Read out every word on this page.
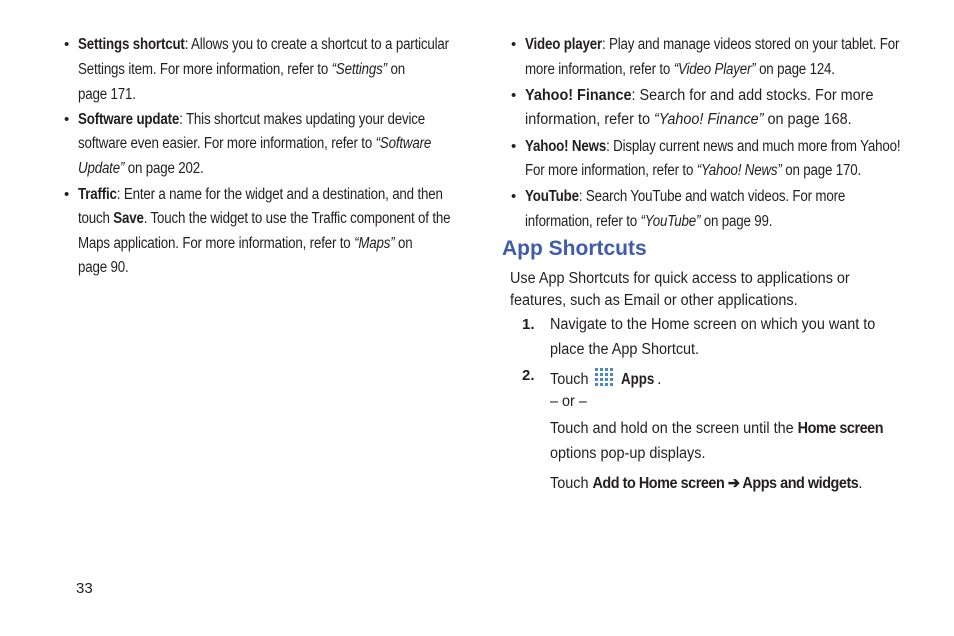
• Settings shortcut: Allows you to create a shortcut to a particular
Settings item. For more information, refer to “Settings” on
page 171.
• Software update: This shortcut makes updating your device
software even easier. For more information, refer to “Software
Update” on page 202.
• Traffic: Enter a name for the widget and a destination, and then
touch Save. Touch the widget to use the Traffic component of the
Maps application. For more information, refer to “Maps” on
page 90.
• Video player: Play and manage videos stored on your tablet. For
more information, refer to “Video Player” on page 124.
• Yahoo! Finance: Search for and add stocks. For more
information, refer to “Yahoo! Finance” on page 168.
• Yahoo! News: Display current news and much more from Yahoo!
For more information, refer to “Yahoo! News” on page 170.
• YouTube: Search YouTube and watch videos. For more
information, refer to “YouTube” on page 99.
App Shortcuts
Use App Shortcuts for quick access to applications or
features, such as Email or other applications.
1. Navigate to the Home screen on which you want to
place the App Shortcut.
2. TouchApps .
– or –
Touch and hold on the screen until the Home screen
options pop-up displays.
Touch Add to Home screen ➔ Apps and widgets.
33
